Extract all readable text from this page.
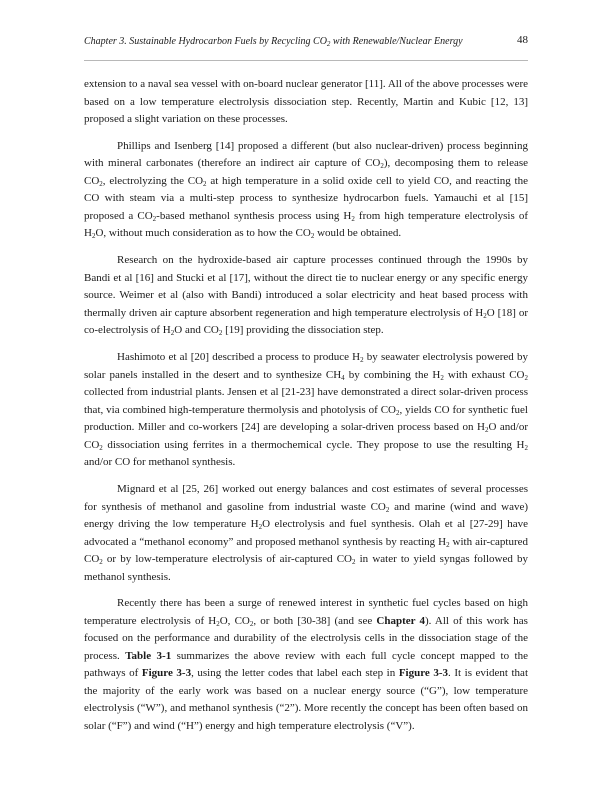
Chapter 3. Sustainable Hydrocarbon Fuels by Recycling $CO_2$ with Renewable/Nuclear Energy	48

extension to a naval sea vessel with on-board nuclear generator [11]. All of the above processes were based on a low temperature electrolysis dissociation step. Recently, Martin and Kubic [12, 13] proposed a slight variation on these processes.

Phillips and Isenberg [14] proposed a different (but also nuclear-driven) process beginning with mineral carbonates (therefore an indirect air capture of $CO_2$), decomposing them to release $CO_2$, electrolyzing the $CO_2$ at high temperature in a solid oxide cell to yield CO, and reacting the CO with steam via a multi-step process to synthesize hydrocarbon fuels. Yamauchi et al [15] proposed a $CO_2$-based methanol synthesis process using $H_2$ from high temperature electrolysis of $H_2O$, without much consideration as to how the $CO_2$ would be obtained.

Research on the hydroxide-based air capture processes continued through the 1990s by Bandi et al [16] and Stucki et al [17], without the direct tie to nuclear energy or any specific energy source. Weimer et al (also with Bandi) introduced a solar electricity and heat based process with thermally driven air capture absorbent regeneration and high temperature electrolysis of $H_2O$ [18] or co-electrolysis of $H_2O$ and $CO_2$ [19] providing the dissociation step.

Hashimoto et al [20] described a process to produce $H_2$ by seawater electrolysis powered by solar panels installed in the desert and to synthesize $CH_4$ by combining the $H_2$ with exhaust $CO_2$ collected from industrial plants. Jensen et al [21-23] have demonstrated a direct solar-driven process that, via combined high-temperature thermolysis and photolysis of $CO_2$, yields CO for synthetic fuel production. Miller and co-workers [24] are developing a solar-driven process based on $H_2O$ and/or $CO_2$ dissociation using ferrites in a thermochemical cycle. They propose to use the resulting $H_2$ and/or CO for methanol synthesis.

Mignard et al [25, 26] worked out energy balances and cost estimates of several processes for synthesis of methanol and gasoline from industrial waste $CO_2$ and marine (wind and wave) energy driving the low temperature $H_2O$ electrolysis and fuel synthesis. Olah et al [27-29] have advocated a “methanol economy” and proposed methanol synthesis by reacting $H_2$ with air-captured $CO_2$ or by low-temperature electrolysis of air-captured $CO_2$ in water to yield syngas followed by methanol synthesis.

Recently there has been a surge of renewed interest in synthetic fuel cycles based on high temperature electrolysis of $H_2O$, $CO_2$, or both [30-38] (and see Chapter 4). All of this work has focused on the performance and durability of the electrolysis cells in the dissociation stage of the process. Table 3-1 summarizes the above review with each full cycle concept mapped to the pathways of Figure 3-3, using the letter codes that label each step in Figure 3-3. It is evident that the majority of the early work was based on a nuclear energy source (“G”), low temperature electrolysis (“W”), and methanol synthesis (“2”). More recently the concept has been often based on solar (“F”) and wind (“H”) energy and high temperature electrolysis (“V”).
